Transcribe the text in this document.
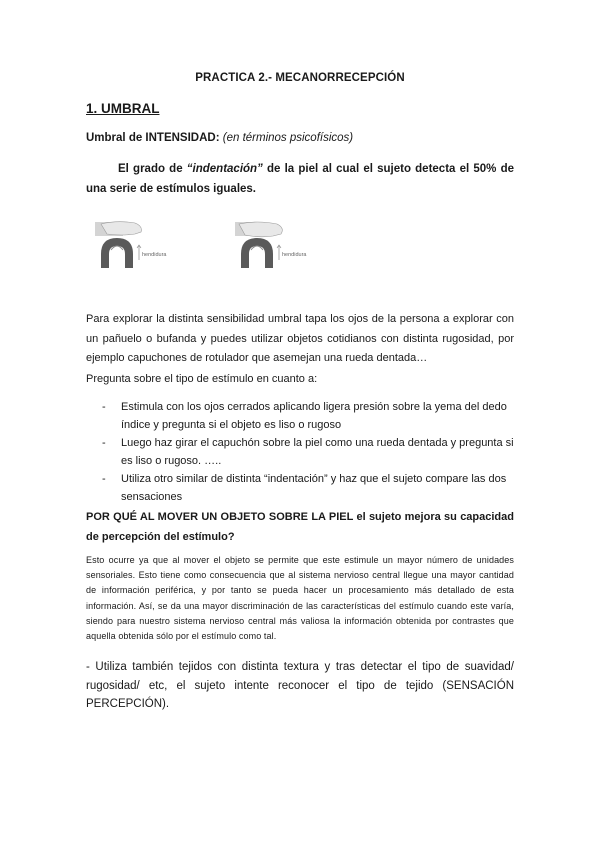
PRACTICA 2.- MECANORRECEPCIÓN
1. UMBRAL
Umbral de INTENSIDAD: (en términos psicofísicos)
El grado de “indentación” de la piel al cual el sujeto detecta el 50% de una serie de estímulos iguales.
hendidura	hendidura
Para explorar la distinta sensibilidad umbral tapa los ojos de la persona a explorar con un pañuelo o bufanda y puedes utilizar objetos cotidianos con distinta rugosidad, por ejemplo capuchones de rotulador que asemejan una rueda dentada…
Pregunta sobre el tipo de estímulo en cuanto a:
- Estimula con los ojos cerrados aplicando ligera presión sobre la yema del dedo índice y pregunta si el objeto es liso o rugoso
- Luego haz girar el capuchón sobre la piel como una rueda dentada y pregunta si es liso o rugoso. …..
- Utiliza otro similar de distinta “indentación” y haz que el sujeto compare las dos sensaciones
POR QUÉ AL MOVER UN OBJETO SOBRE LA PIEL el sujeto mejora su capacidad de percepción del estímulo?
Esto ocurre ya que al mover el objeto se permite que este estimule un mayor número de unidades sensoriales. Esto tiene como consecuencia que al sistema nervioso central llegue una mayor cantidad de información periférica, y por tanto se pueda hacer un procesamiento más detallado de esta información. Así, se da una mayor discriminación de las características del estímulo cuando este varía, siendo para nuestro sistema nervioso central más valiosa la información obtenida por contrastes que aquella obtenida sólo por el estímulo como tal.
- Utiliza también tejidos con distinta textura y tras detectar el tipo de suavidad/ rugosidad/ etc, el sujeto intente reconocer el tipo de tejido (SENSACIÓN PERCEPCIÓN).
